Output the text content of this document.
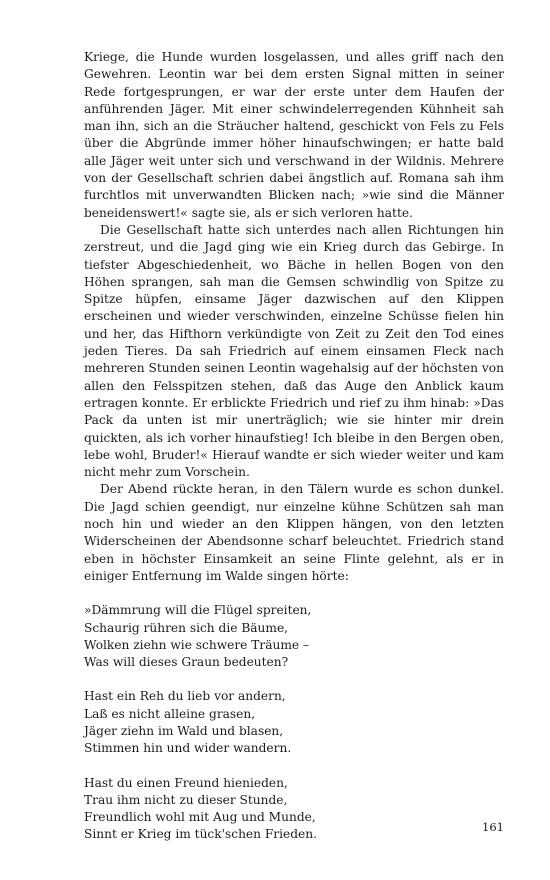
Kriege, die Hunde wurden losgelassen, und alles griff nach den Gewehren. Leontin war bei dem ersten Signal mitten in seiner Rede fortgesprungen, er war der erste unter dem Haufen der anführenden Jäger. Mit einer schwindelerregenden Kühnheit sah man ihn, sich an die Sträucher haltend, geschickt von Fels zu Fels über die Abgründe immer höher hinaufschwingen; er hatte bald alle Jäger weit unter sich und verschwand in der Wildnis. Mehrere von der Gesellschaft schrien dabei ängstlich auf. Romana sah ihm furchtlos mit unverwandten Blicken nach; »wie sind die Männer beneidenswert!« sagte sie, als er sich verloren hatte.

Die Gesellschaft hatte sich unterdes nach allen Richtungen hin zerstreut, und die Jagd ging wie ein Krieg durch das Gebirge. In tiefster Abgeschiedenheit, wo Bäche in hellen Bogen von den Höhen sprangen, sah man die Gemsen schwindlig von Spitze zu Spitze hüpfen, einsame Jäger dazwischen auf den Klippen erscheinen und wieder verschwinden, einzelne Schüsse fielen hin und her, das Hifthorn verkündigte von Zeit zu Zeit den Tod eines jeden Tieres. Da sah Friedrich auf einem einsamen Fleck nach mehreren Stunden seinen Leontin wagehalsig auf der höchsten von allen den Felsspitzen stehen, daß das Auge den Anblick kaum ertragen konnte. Er erblickte Friedrich und rief zu ihm hinab: »Das Pack da unten ist mir unerträglich; wie sie hinter mir drein quickten, als ich vorher hinaufstieg! Ich bleibe in den Bergen oben, lebe wohl, Bruder!« Hierauf wandte er sich wieder weiter und kam nicht mehr zum Vorschein.

Der Abend rückte heran, in den Tälern wurde es schon dunkel. Die Jagd schien geendigt, nur einzelne kühne Schützen sah man noch hin und wieder an den Klippen hängen, von den letzten Widerscheinen der Abendsonne scharf beleuchtet. Friedrich stand eben in höchster Einsamkeit an seine Flinte gelehnt, als er in einiger Entfernung im Walde singen hörte:

»Dämmrung will die Flügel spreiten,
Schaurig rühren sich die Bäume,
Wolken ziehn wie schwere Träume –
Was will dieses Graun bedeuten?
Hast ein Reh du lieb vor andern,
Laß es nicht alleine grasen,
Jäger ziehn im Wald und blasen,
Stimmen hin und wider wandern.
Hast du einen Freund hienieden,
Trau ihm nicht zu dieser Stunde,
Freundlich wohl mit Aug und Munde,
Sinnt er Krieg im tück'schen Frieden.
161
